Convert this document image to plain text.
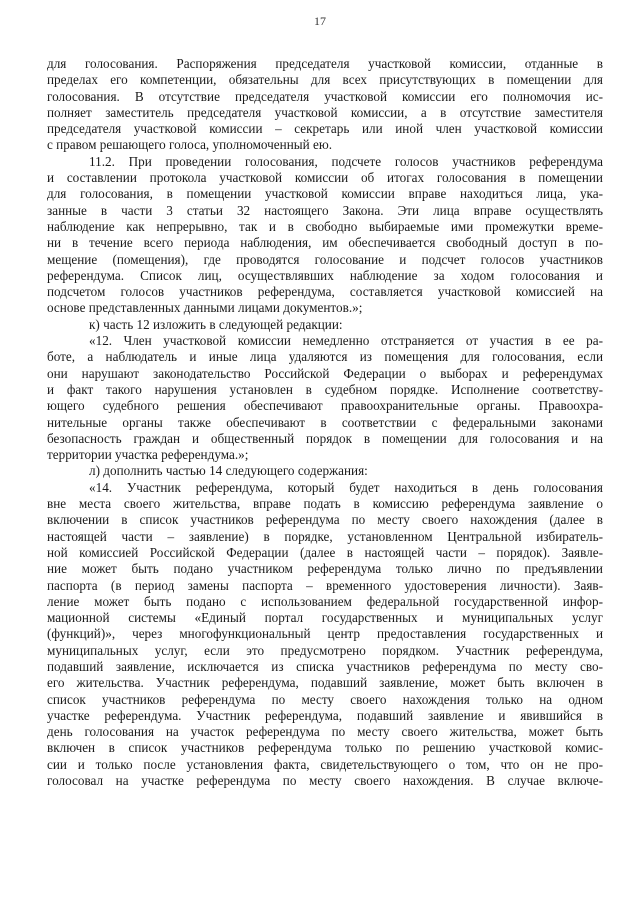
17
для голосования. Распоряжения председателя участковой комиссии, отданные в
пределах его компетенции, обязательны для всех присутствующих в помещении для
голосования. В отсутствие председателя участковой комиссии его полномочия ис-
полняет заместитель председателя участковой комиссии, а в отсутствие заместителя
председателя участковой комиссии – секретарь или иной член участковой комиссии
с правом решающего голоса, уполномоченный ею.
11.2. При проведении голосования, подсчете голосов участников референдума
и составлении протокола участковой комиссии об итогах голосования в помещении
для голосования, в помещении участковой комиссии вправе находиться лица, ука-
занные в части 3 статьи 32 настоящего Закона. Эти лица вправе осуществлять
наблюдение как непрерывно, так и в свободно выбираемые ими промежутки време-
ни в течение всего периода наблюдения, им обеспечивается свободный доступ в по-
мещение (помещения), где проводятся голосование и подсчет голосов участников
референдума. Список лиц, осуществлявших наблюдение за ходом голосования и
подсчетом голосов участников референдума, составляется участковой комиссией на
основе представленных данными лицами документов.»;
к) часть 12 изложить в следующей редакции:
«12. Член участковой комиссии немедленно отстраняется от участия в ее ра-
боте, а наблюдатель и иные лица удаляются из помещения для голосования, если
они нарушают законодательство Российской Федерации о выборах и референдумах
и факт такого нарушения установлен в судебном порядке. Исполнение соответству-
ющего судебного решения обеспечивают правоохранительные органы. Правоохра-
нительные органы также обеспечивают в соответствии с федеральными законами
безопасность граждан и общественный порядок в помещении для голосования и на
территории участка референдума.»;
л) дополнить частью 14 следующего содержания:
«14. Участник референдума, который будет находиться в день голосования
вне места своего жительства, вправе подать в комиссию референдума заявление о
включении в список участников референдума по месту своего нахождения (далее в
настоящей части – заявление) в порядке, установленном Центральной избиратель-
ной комиссией Российской Федерации (далее в настоящей части – порядок). Заявле-
ние может быть подано участником референдума только лично по предъявлении
паспорта (в период замены паспорта – временного удостоверения личности). Заяв-
ление может быть подано с использованием федеральной государственной инфор-
мационной системы «Единый портал государственных и муниципальных услуг
(функций)», через многофункциональный центр предоставления государственных и
муниципальных услуг, если это предусмотрено порядком. Участник референдума,
подавший заявление, исключается из списка участников референдума по месту сво-
его жительства. Участник референдума, подавший заявление, может быть включен в
список участников референдума по месту своего нахождения только на одном
участке референдума. Участник референдума, подавший заявление и явившийся в
день голосования на участок референдума по месту своего жительства, может быть
включен в список участников референдума только по решению участковой комис-
сии и только после установления факта, свидетельствующего о том, что он не про-
голосовал на участке референдума по месту своего нахождения. В случае включе-
